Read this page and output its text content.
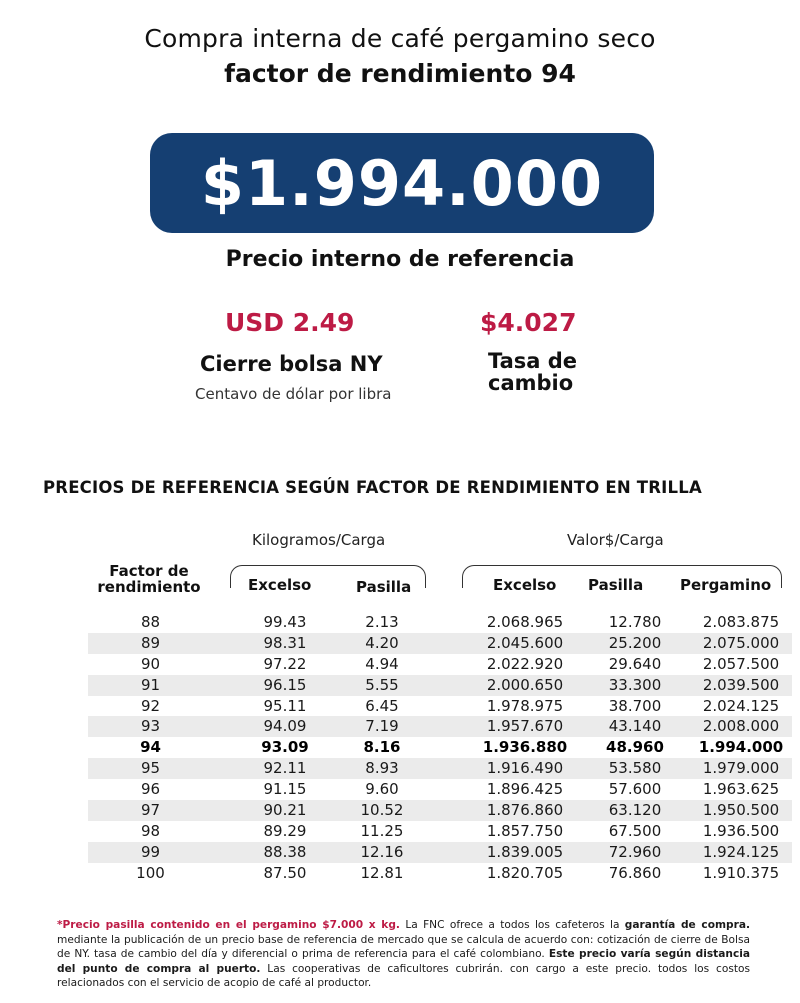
Compra interna de café pergamino seco
factor de rendimiento 94
$1.994.000
Precio interno de referencia
USD 2.49	$4.027
Cierre bolsa NY
Centavo de dólar por libra
Tasa de
cambio
PRECIOS DE REFERENCIA SEGÚN FACTOR DE RENDIMIENTO EN TRILLA
Kilogramos/Carga	Valor$/Carga
Factor de
rendimiento	Excelso	Pasilla	Excelso Pasilla Pergamino
88	99.43	2.13	2.068.965	12.780	2.083.875
89	98.31	4.20	2.045.600	25.200	2.075.000
90	97.22	4.94	2.022.920	29.640	2.057.500
91	96.15	5.55	2.000.650	33.300	2.039.500
92	95.11	6.45	1.978.975	38.700	2.024.125
93	94.09	7.19	1.957.670	43.140	2.008.000
94	93.09	8.16	1.936.880	48.960	1.994.000
95	92.11	8.93	1.916.490	53.580	1.979.000
96	91.15	9.60	1.896.425	57.600	1.963.625
97	90.21	10.52	1.876.860	63.120	1.950.500
98	89.29	11.25	1.857.750	67.500	1.936.500
99	88.38	12.16	1.839.005	72.960	1.924.125
100	87.50	12.81	1.820.705	76.860	1.910.375
*Precio pasilla contenido en el pergamino $7.000 x kg. La FNC ofrece a todos los cafeteros la garantía de compra. mediante la publicación de un precio base de referencia de mercado que se calcula de acuerdo con: cotización de cierre de Bolsa de NY. tasa de cambio del día y diferencial o prima de referencia para el café colombiano. Este precio varía según distancia del punto de compra al puerto. Las cooperativas de caficultores cubrirán. con cargo a este precio. todos los costos relacionados con el servicio de acopio de café al productor.
